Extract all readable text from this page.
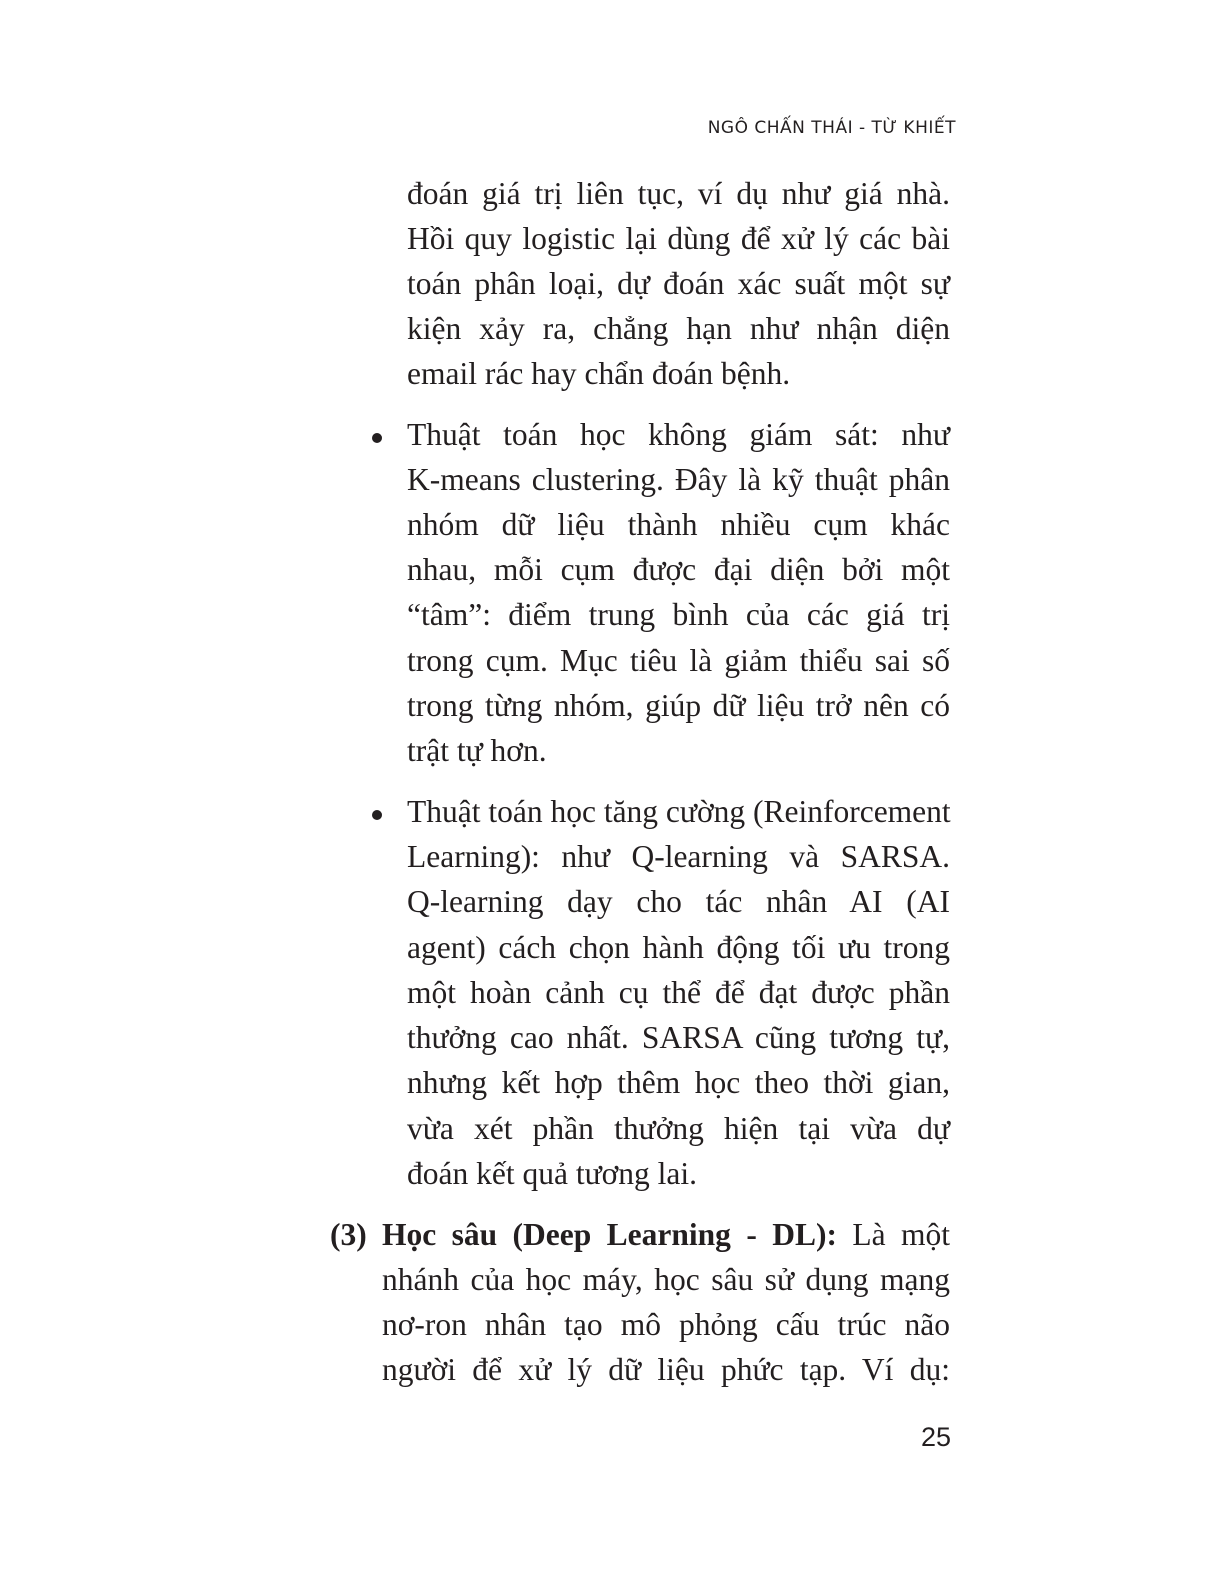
NGÔ CHẤN THÁI - TỪ KHIẾT
đoán giá trị liên tục, ví dụ như giá nhà.
Hồi quy logistic lại dùng để xử lý các bài
toán phân loại, dự đoán xác suất một sự
kiện xảy ra, chẳng hạn như nhận diện
email rác hay chẩn đoán bệnh.
Thuật toán học không giám sát: như
K-means clustering. Đây là kỹ thuật phân
nhóm dữ liệu thành nhiều cụm khác
nhau, mỗi cụm được đại diện bởi một
“tâm”: điểm trung bình của các giá trị
trong cụm. Mục tiêu là giảm thiểu sai số
trong từng nhóm, giúp dữ liệu trở nên có
trật tự hơn.
Thuật toán học tăng cường (Reinforcement
Learning): như Q-learning và SARSA.
Q-learning dạy cho tác nhân AI (AI
agent) cách chọn hành động tối ưu trong
một hoàn cảnh cụ thể để đạt được phần
thưởng cao nhất. SARSA cũng tương tự,
nhưng kết hợp thêm học theo thời gian,
vừa xét phần thưởng hiện tại vừa dự
đoán kết quả tương lai.
(3) Học sâu (Deep Learning - DL): Là một
nhánh của học máy, học sâu sử dụng mạng
nơ-ron nhân tạo mô phỏng cấu trúc não
người để xử lý dữ liệu phức tạp. Ví dụ:
25
